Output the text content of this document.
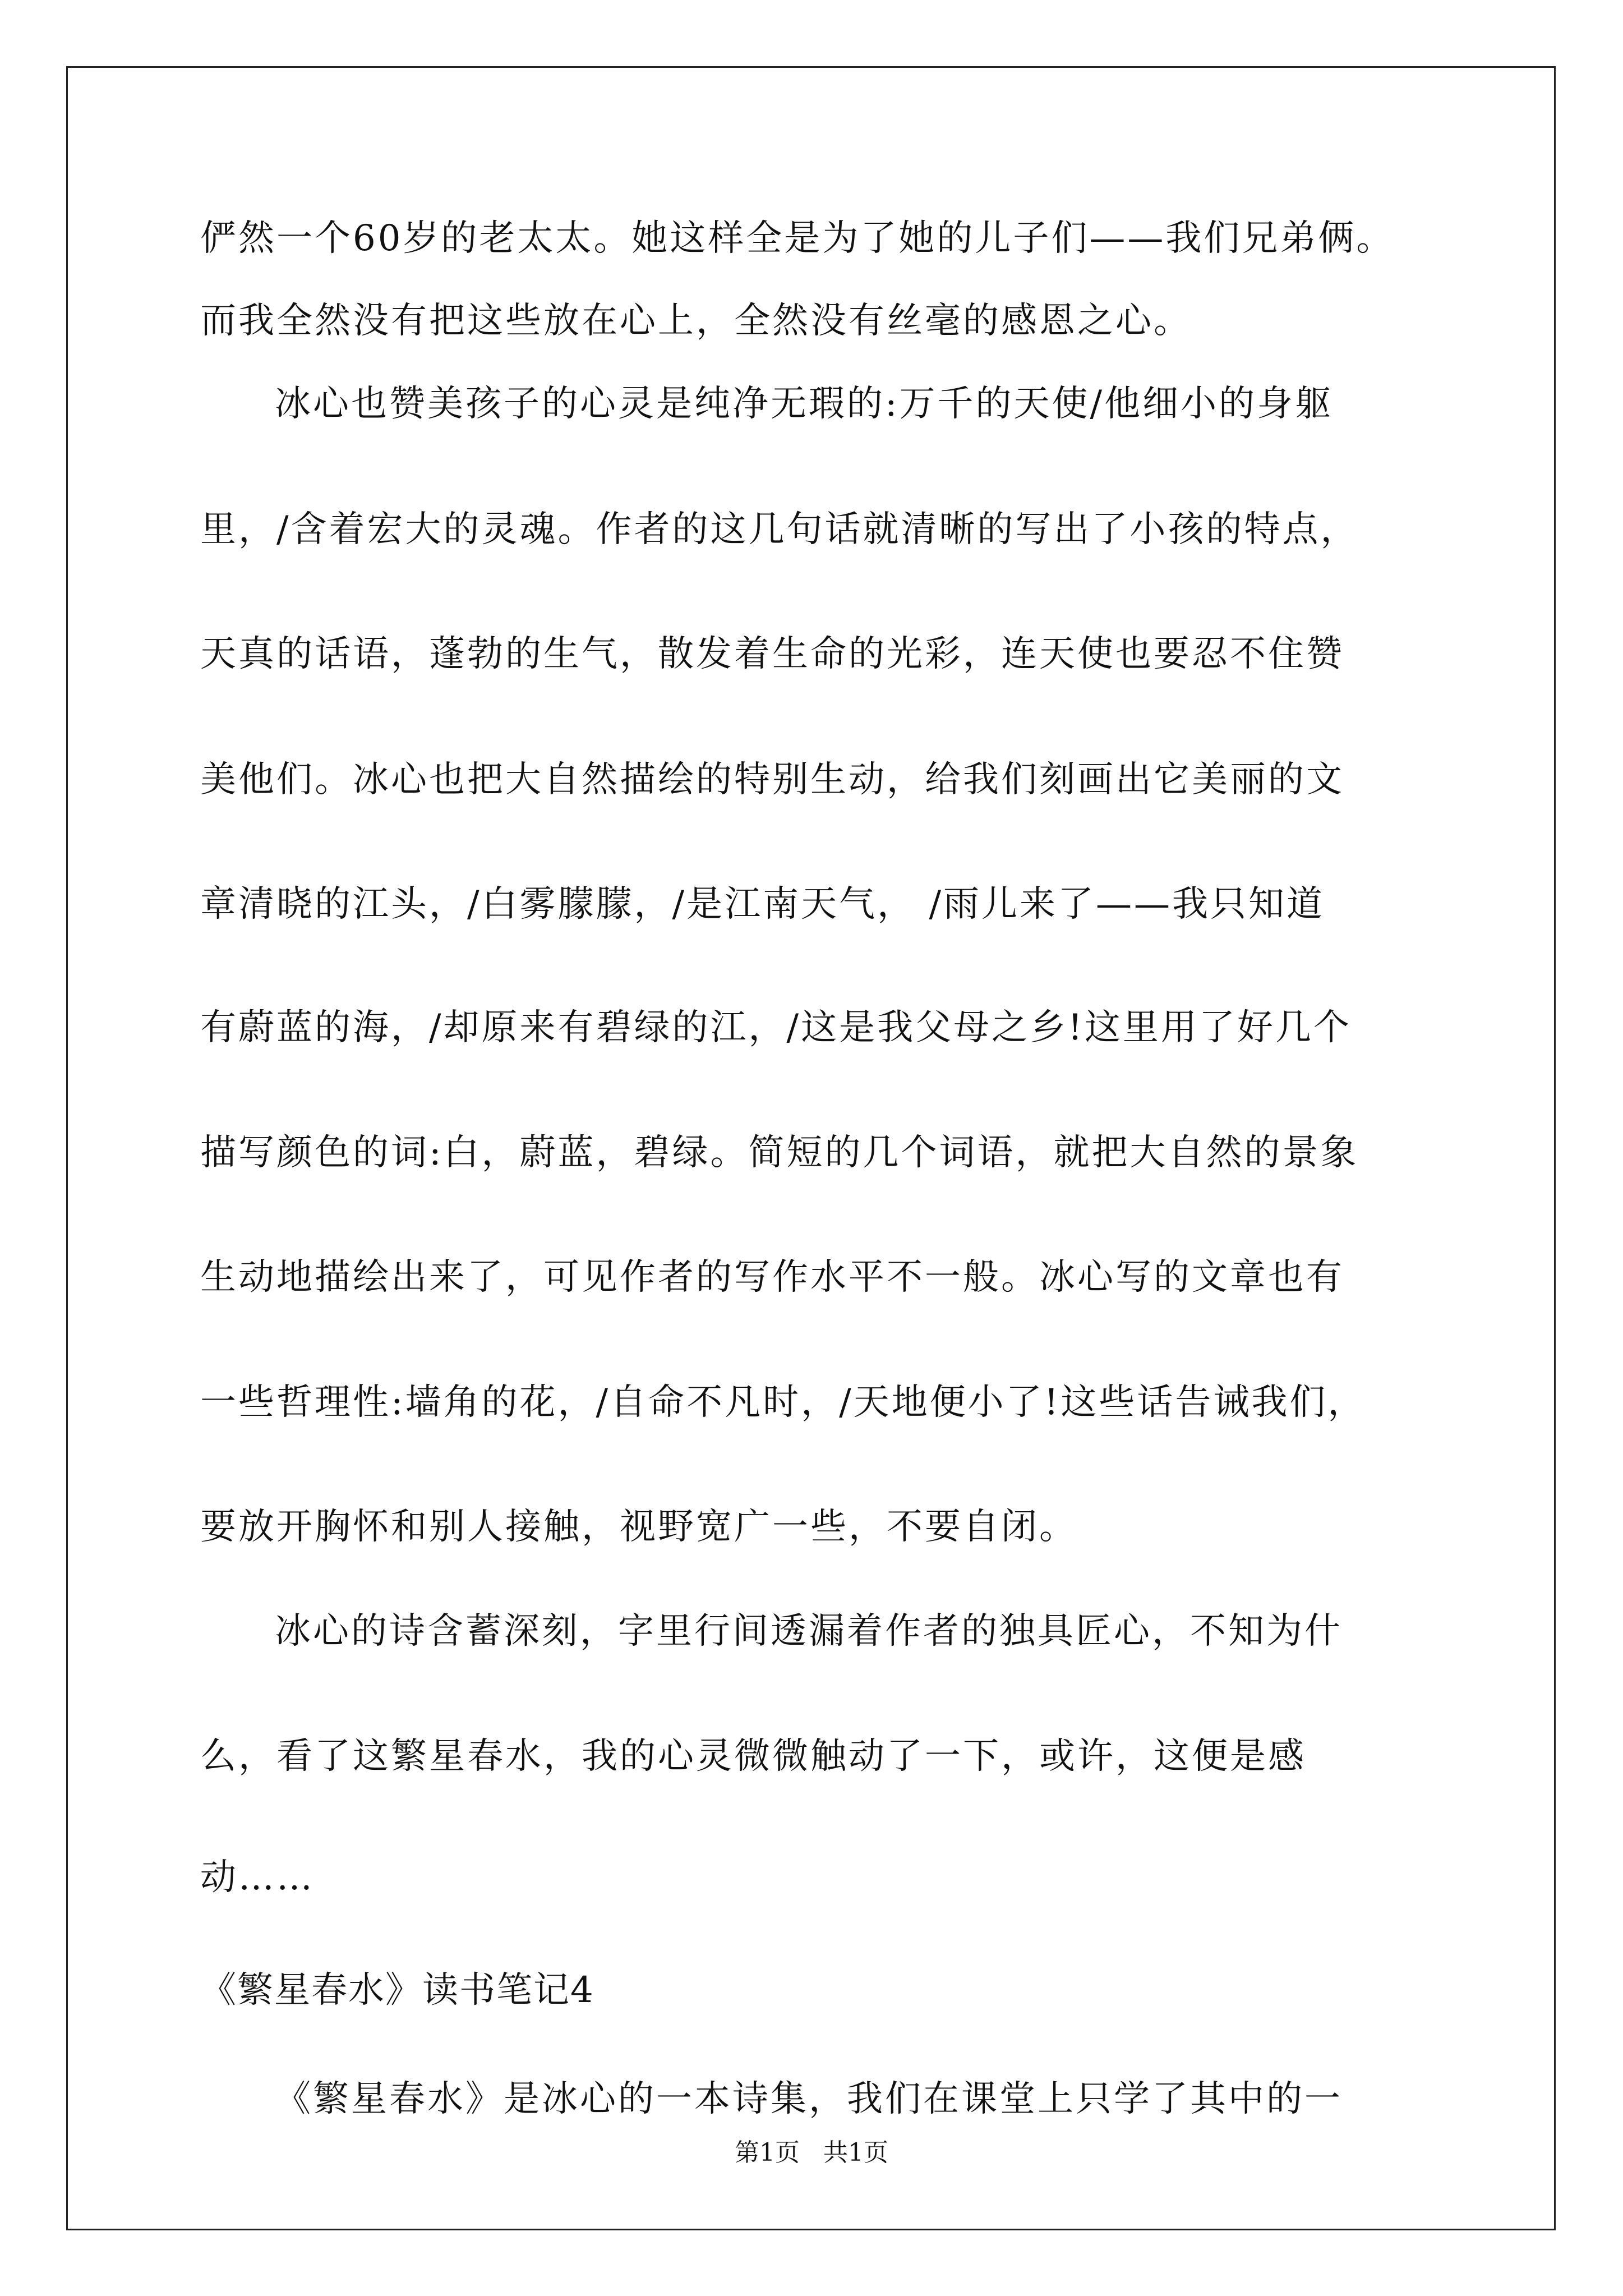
俨然一个60岁的老太太。她这样全是为了她的儿子们——我们兄弟俩。
而我全然没有把这些放在心上，全然没有丝毫的感恩之心。
冰心也赞美孩子的心灵是纯净无瑕的:万千的天使/他细小的身躯
里，/含着宏大的灵魂。作者的这几句话就清晰的写出了小孩的特点，
天真的话语，蓬勃的生气，散发着生命的光彩，连天使也要忍不住赞
美他们。冰心也把大自然描绘的特别生动，给我们刻画出它美丽的文
章清晓的江头，/白雾朦朦，/是江南天气， /雨儿来了——我只知道
有蔚蓝的海，/却原来有碧绿的江，/这是我父母之乡!这里用了好几个
描写颜色的词:白，蔚蓝，碧绿。简短的几个词语，就把大自然的景象
生动地描绘出来了，可见作者的写作水平不一般。冰心写的文章也有
一些哲理性:墙角的花，/自命不凡时，/天地便小了!这些话告诫我们，
要放开胸怀和别人接触，视野宽广一些，不要自闭。
冰心的诗含蓄深刻，字里行间透漏着作者的独具匠心，不知为什
么，看了这繁星春水，我的心灵微微触动了一下，或许，这便是感
动……
《繁星春水》读书笔记4
《繁星春水》是冰心的一本诗集，我们在课堂上只学了其中的一
第1页   共1页
